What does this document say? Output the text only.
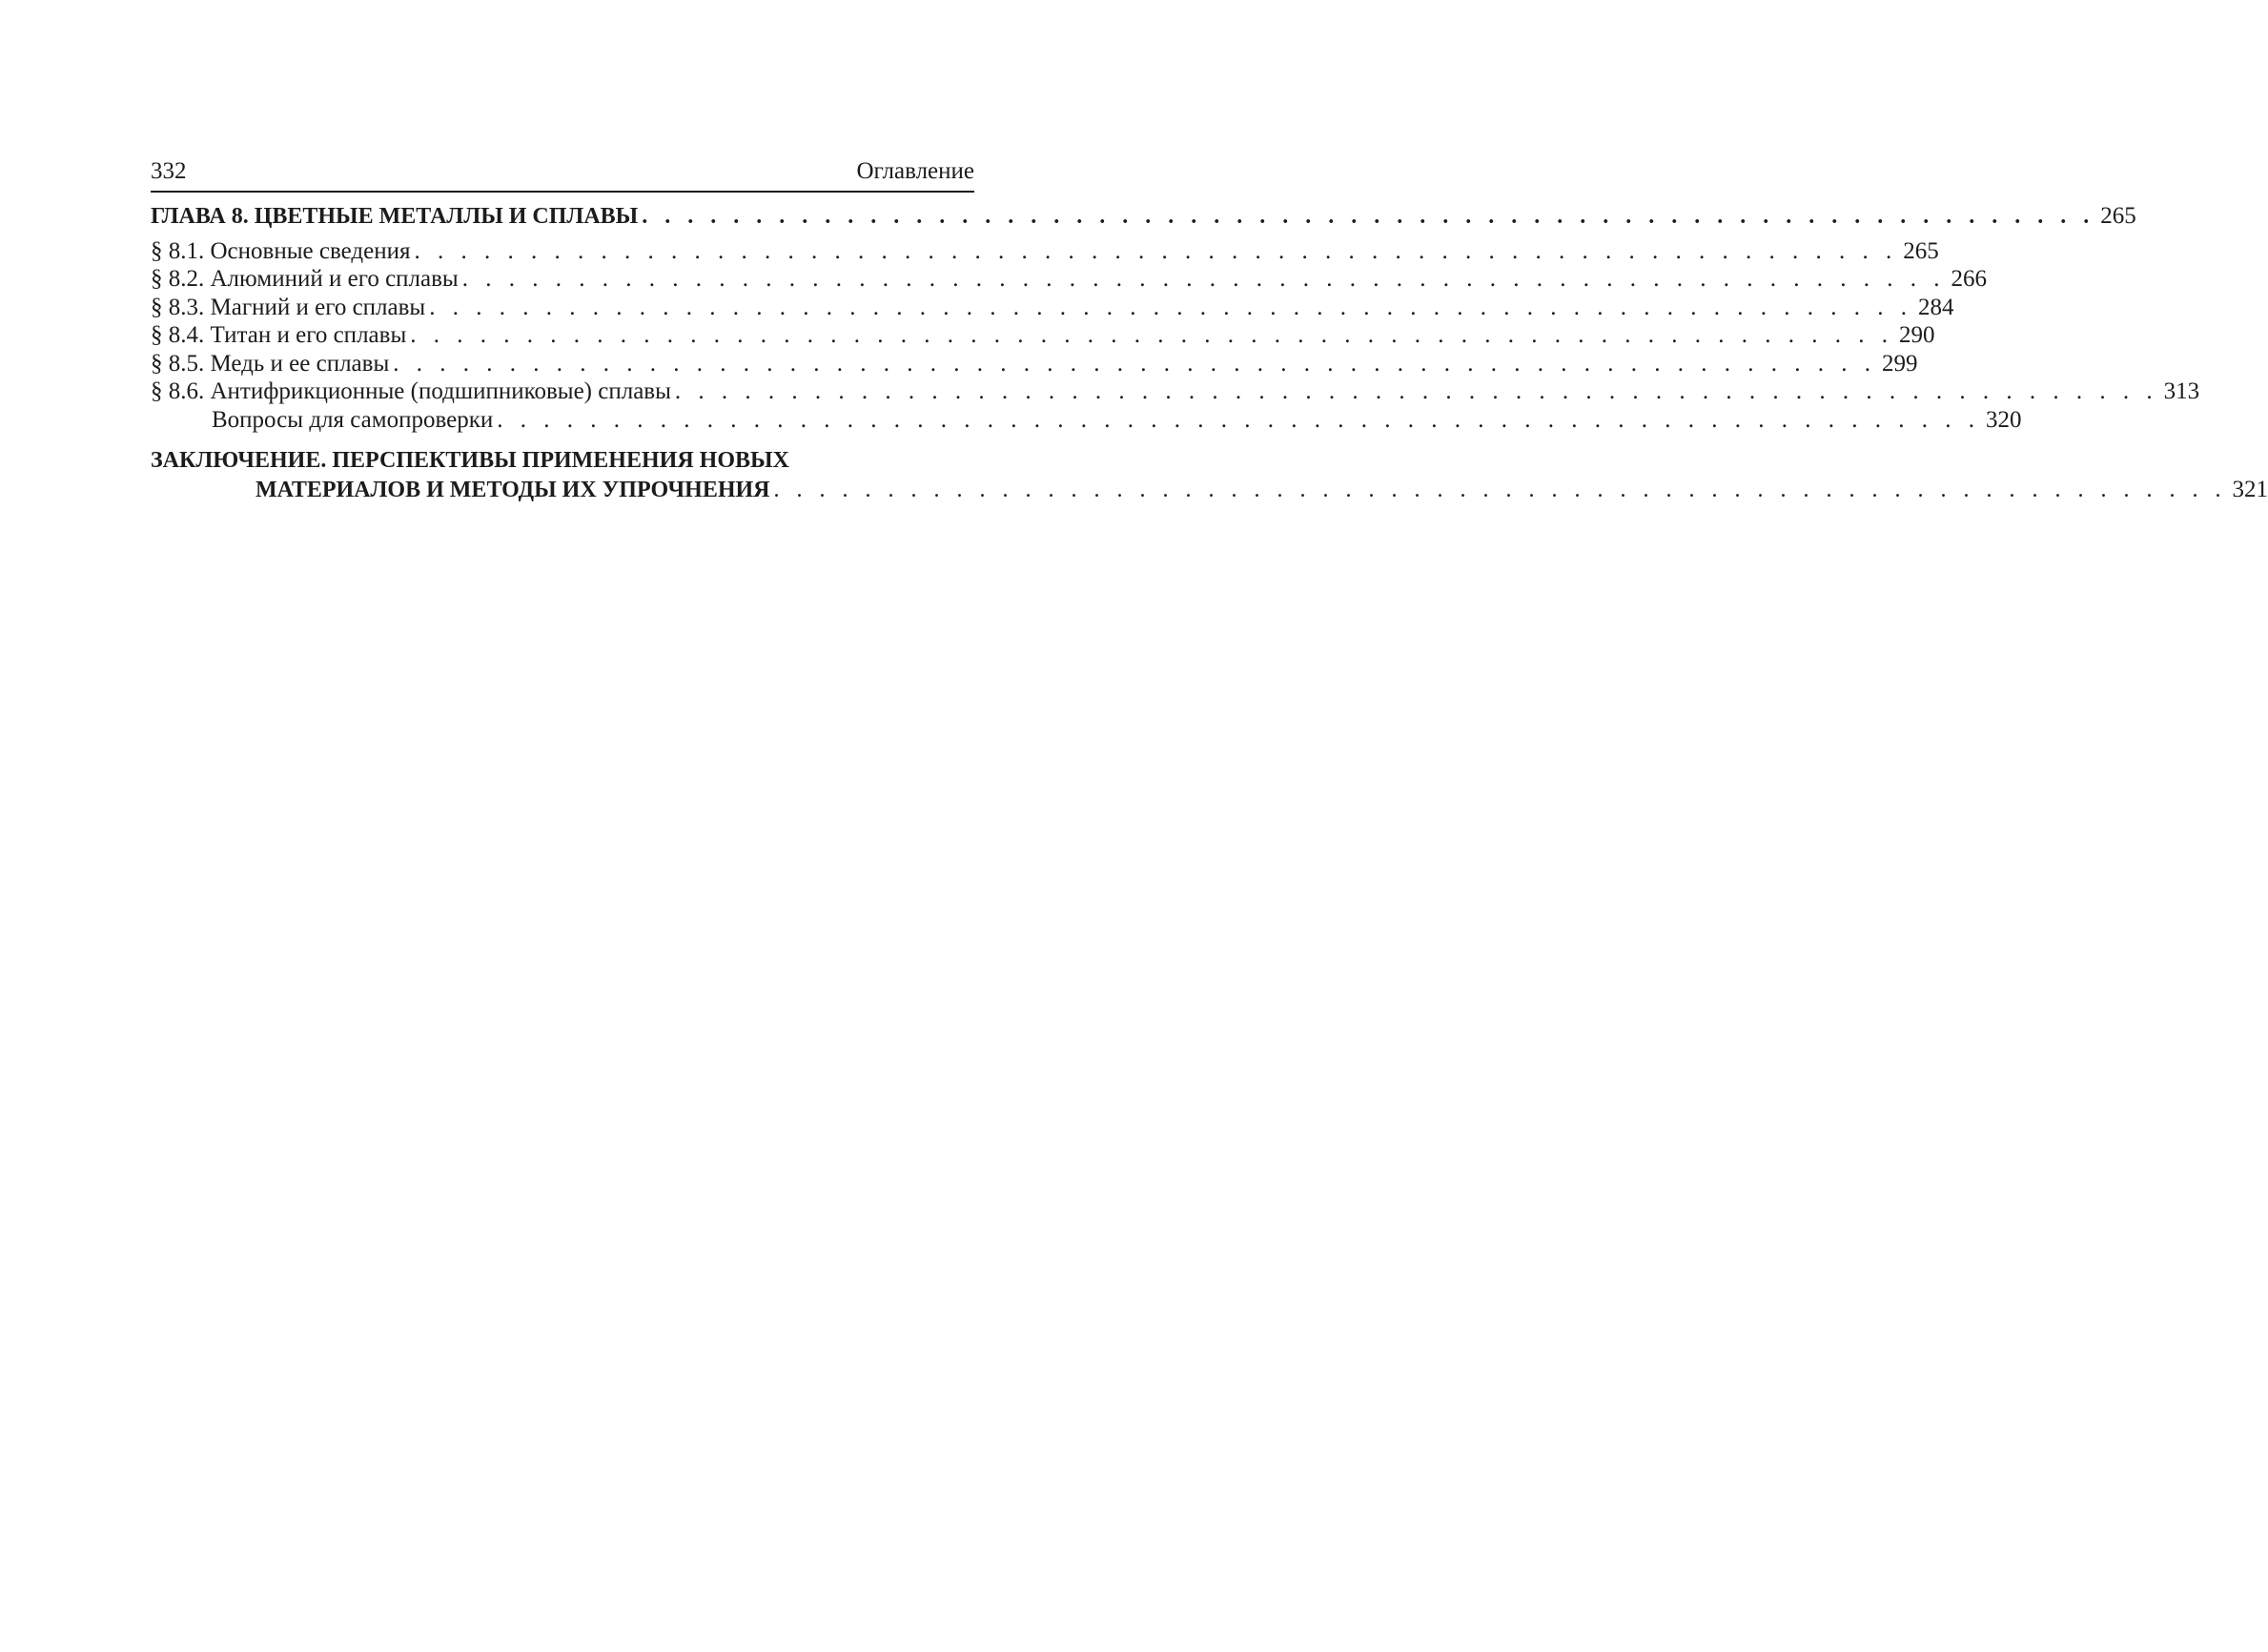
332	Оглавление
ГЛАВА 8. ЦВЕТНЫЕ МЕТАЛЛЫ И СПЛАВЫ . . . . . . . . . . . . . . . . . . . . . . . . . . . . . . . . . . . . . . . . . . . . . . . . . . . . . . . . . . . . . . . . 265
§ 8.1. Основные сведения . . . . . . . . . . . . . . . . . . . . . . . . . . . . . . . . . . . . . . . . . . . . . . . . . . . . . . . . . . . . . . . . 265
§ 8.2. Алюминий и его сплавы . . . . . . . . . . . . . . . . . . . . . . . . . . . . . . . . . . . . . . . . . . . . . . . . . . . . . . . . . . . . . . . . 266
§ 8.3. Магний и его сплавы . . . . . . . . . . . . . . . . . . . . . . . . . . . . . . . . . . . . . . . . . . . . . . . . . . . . . . . . . . . . . . . . 284
§ 8.4. Титан и его сплавы . . . . . . . . . . . . . . . . . . . . . . . . . . . . . . . . . . . . . . . . . . . . . . . . . . . . . . . . . . . . . . . . 290
§ 8.5. Медь и ее сплавы . . . . . . . . . . . . . . . . . . . . . . . . . . . . . . . . . . . . . . . . . . . . . . . . . . . . . . . . . . . . . . . . 299
§ 8.6. Антифрикционные (подшипниковые) сплавы . . . . . . . . . . . . . . . . . . . . . . . . . . . . . . . . . . . . . . . . . . . . . . . . . . . . . . . . . . . . . . . . 313
Вопросы для самопроверки . . . . . . . . . . . . . . . . . . . . . . . . . . . . . . . . . . . . . . . . . . . . . . . . . . . . . . . . . . . . . . . . 320
ЗАКЛЮЧЕНИЕ. ПЕРСПЕКТИВЫ ПРИМЕНЕНИЯ НОВЫХ
МАТЕРИАЛОВ И МЕТОДЫ ИХ УПРОЧНЕНИЯ . . . . . . . . . . . . . . . . . . . . . . . . . . . . . . . . . . . . . . . . . . . . . . . . . . . . . . . . . . . . . . . . 321
